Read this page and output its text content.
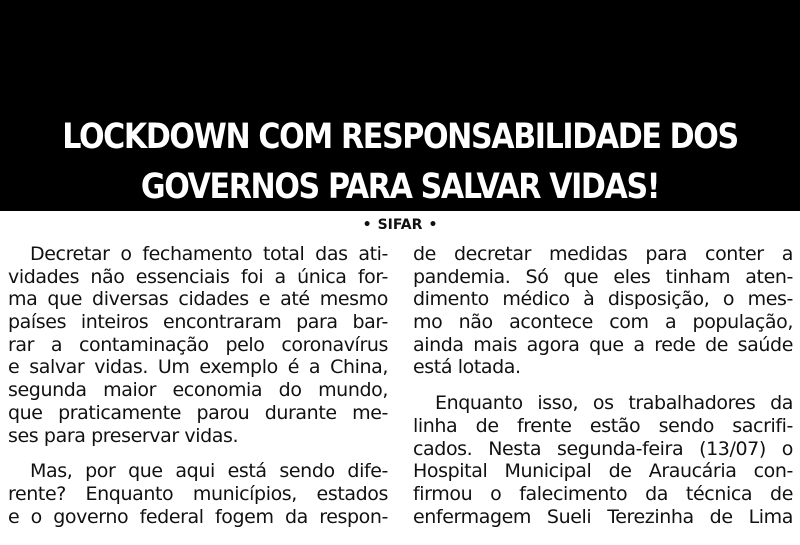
LOCKDOWN COM RESPONSABILIDADE DOS
GOVERNOS PARA SALVAR VIDAS!
• SIFAR •
Decretar o fechamento total das ati-
vidades não essenciais foi a única for-
ma que diversas cidades e até mesmo
países inteiros encontraram para bar-
rar a contaminação pelo coronavírus
e salvar vidas. Um exemplo é a China,
segunda maior economia do mundo,
que praticamente parou durante me-
ses para preservar vidas.
Mas, por que aqui está sendo dife-
rente? Enquanto municípios, estados
e o governo federal fogem da respon-
de decretar medidas para conter a
pandemia. Só que eles tinham aten-
dimento médico à disposição, o mes-
mo não acontece com a população,
ainda mais agora que a rede de saúde
está lotada.
Enquanto isso, os trabalhadores da
linha de frente estão sendo sacrifi-
cados. Nesta segunda-feira (13/07) o
Hospital Municipal de Araucária con-
firmou o falecimento da técnica de
enfermagem Sueli Terezinha de Lima
